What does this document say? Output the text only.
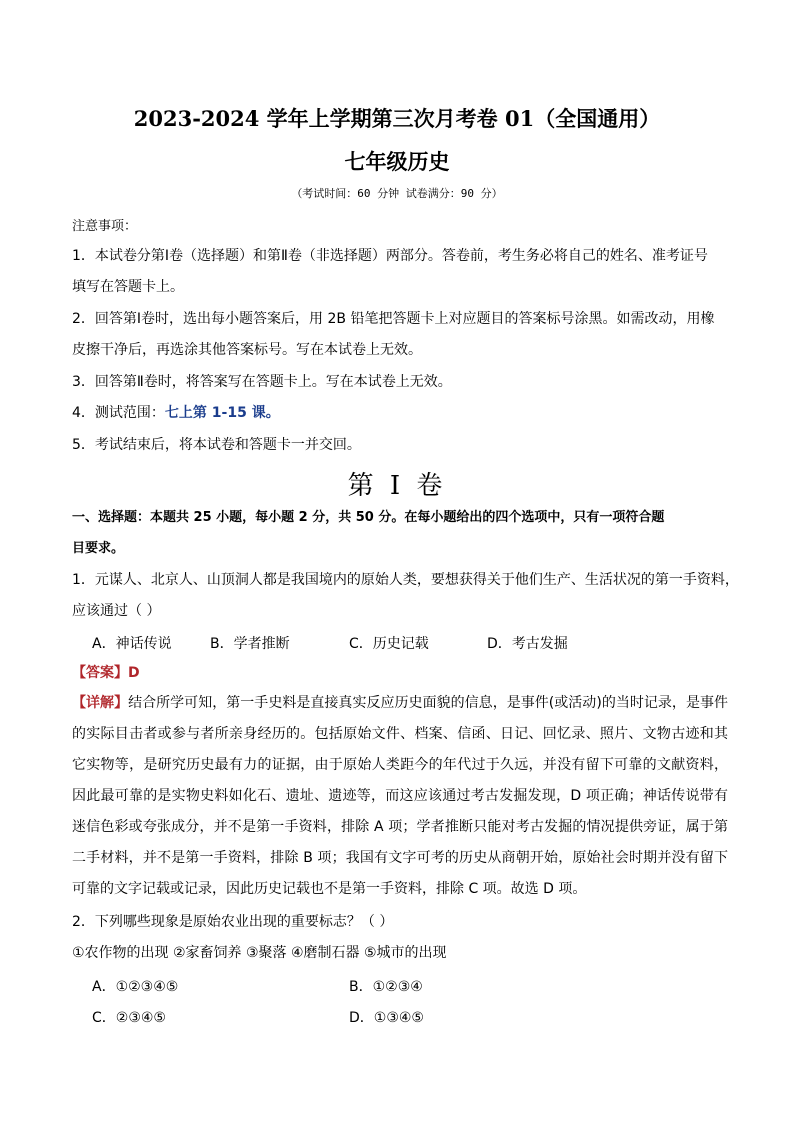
2023-2024 学年上学期第三次月考卷 01（全国通用）
七年级历史
（考试时间：60 分钟 试卷满分：90 分）
注意事项：
1．本试卷分第Ⅰ卷（选择题）和第Ⅱ卷（非选择题）两部分。答卷前，考生务必将自己的姓名、准考证号
填写在答题卡上。
2．回答第Ⅰ卷时，选出每小题答案后，用 2B 铅笔把答题卡上对应题目的答案标号涂黑。如需改动，用橡
皮擦干净后，再选涂其他答案标号。写在本试卷上无效。
3．回答第Ⅱ卷时，将答案写在答题卡上。写在本试卷上无效。
4．测试范围：七上第 1-15 课。
5．考试结束后，将本试卷和答题卡一并交回。
第 I 卷
一、选择题：本题共 25 小题，每小题 2 分，共 50 分。在每小题给出的四个选项中，只有一项符合题
目要求。
1．元谋人、北京人、山顶洞人都是我国境内的原始人类，要想获得关于他们生产、生活状况的第一手资料，
应该通过（ ）
A．神话传说	B．学者推断	C．历史记载	D．考古发掘
【答案】D
【详解】结合所学可知，第一手史料是直接真实反应历史面貌的信息，是事件(或活动)的当时记录，是事件的实际目击者或参与者所亲身经历的。包括原始文件、档案、信函、日记、回忆录、照片、文物古迹和其它实物等，是研究历史最有力的证据，由于原始人类距今的年代过于久远，并没有留下可靠的文献资料，因此最可靠的是实物史料如化石、遗址、遗迹等，而这应该通过考古发掘发现，D 项正确；神话传说带有迷信色彩或夸张成分，并不是第一手资料，排除 A 项；学者推断只能对考古发掘的情况提供旁证，属于第二手材料，并不是第一手资料，排除 B 项；我国有文字可考的历史从商朝开始，原始社会时期并没有留下可靠的文字记载或记录，因此历史记载也不是第一手资料，排除 C 项。故选 D 项。
2．下列哪些现象是原始农业出现的重要标志？（ ）
①农作物的出现 ②家畜饲养 ③聚落 ④磨制石器 ⑤城市的出现
A．①②③④⑤	B．①②③④
C．②③④⑤	D．①③④⑤
